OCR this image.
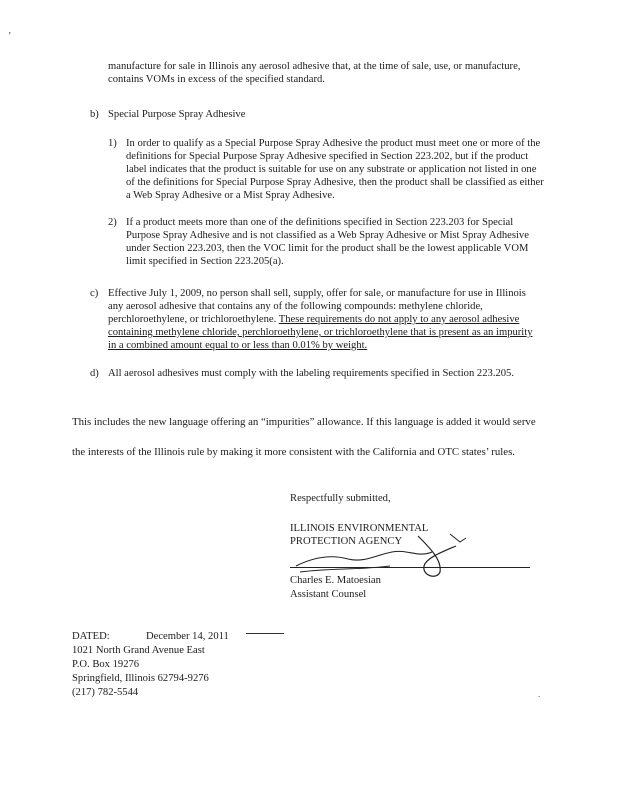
’

manufacture for sale in Illinois any aerosol adhesive that, at the time of sale, use, or manufacture, contains VOMs in excess of the specified standard.

b) Special Purpose Spray Adhesive
1) In order to qualify as a Special Purpose Spray Adhesive the product must meet one or more of the definitions for Special Purpose Spray Adhesive specified in Section 223.202, but if the product label indicates that the product is suitable for use on any substrate or application not listed in one of the definitions for Special Purpose Spray Adhesive, then the product shall be classified as either a Web Spray Adhesive or a Mist Spray Adhesive.

2) If a product meets more than one of the definitions specified in Section 223.203 for Special Purpose Spray Adhesive and is not classified as a Web Spray Adhesive or Mist Spray Adhesive under Section 223.203, then the VOC limit for the product shall be the lowest applicable VOM limit specified in Section 223.205(a).

c) Effective July 1, 2009, no person shall sell, supply, offer for sale, or manufacture for use in Illinois any aerosol adhesive that contains any of the following compounds: methylene chloride, perchloroethylene, or trichloroethylene. These requirements do not apply to any aerosol adhesive containing methylene chloride, perchloroethylene, or trichloroethylene that is present as an impurity in a combined amount equal to or less than 0.01% by weight.

d) All aerosol adhesives must comply with the labeling requirements specified in Section 223.205.

This includes the new language offering an “impurities” allowance. If this language is added it would serve the interests of the Illinois rule by making it more consistent with the California and OTC states’ rules.

Respectfully submitted,
ILLINOIS ENVIRONMENTAL
PROTECTION AGENCY
Charles E. Matoesian
Assistant Counsel
DATED:	December 14, 2011
1021 North Grand Avenue East
P.O. Box 19276
Springfield, Illinois 62794-9276
(217) 782-5544	.
